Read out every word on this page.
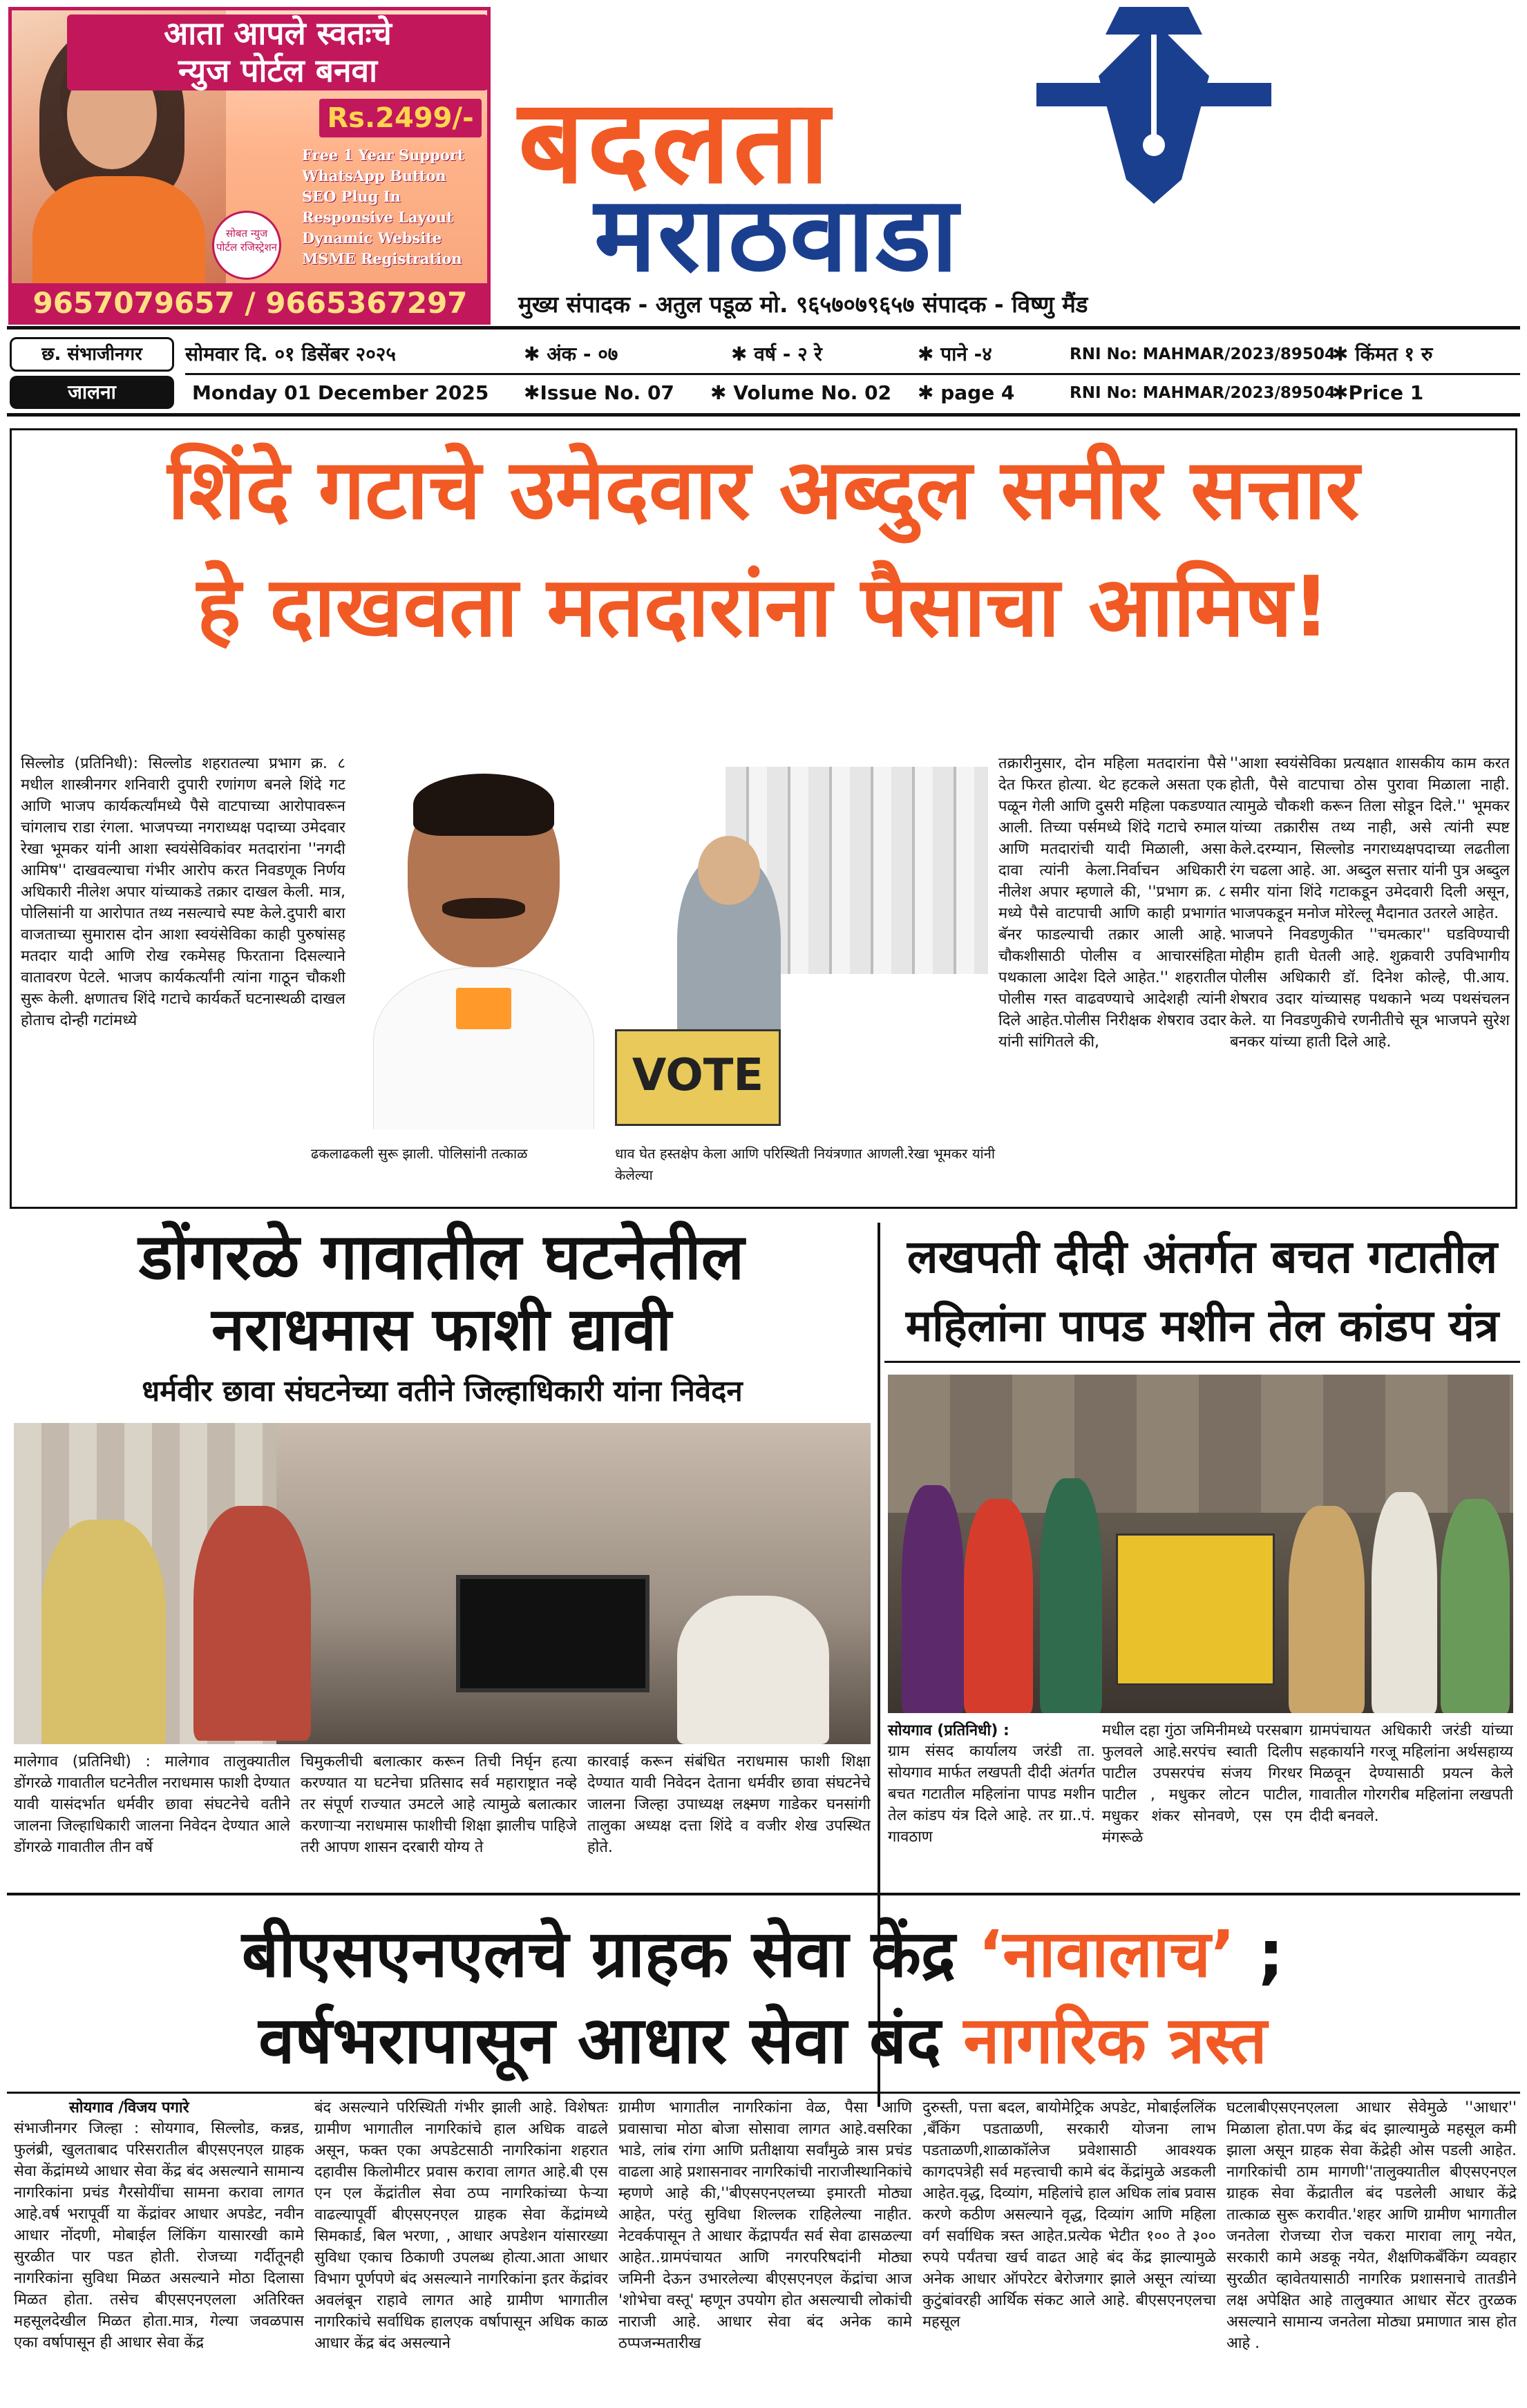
आता आपले स्वतःचे
न्युज पोर्टल बनवा
Rs.2499/-
सोबत न्युज पोर्टल रजिस्ट्रेशन
Free 1 Year Support
WhatsApp Button
SEO Plug In
Responsive Layout
Dynamic Website
MSME Registration
9657079657 / 9665367297
बदलता
मराठवाडा
मुख्य संपादक - अतुल पडूळ मो. ९६५७०७९६५७ संपादक - विष्णु मैंड
छ. संभाजीनगर
जालना
सोमवार दि. ०१ डिसेंबर २०२५	✱ अंक - ०७	✱ वर्ष - २ रे	✱ पाने -४	RNI No: MAHMAR/2023/89504
✱ किंमत १ रु
Monday 01 December 2025 ✱Issue No. 07 ✱ Volume No. 02 ✱ page 4	RNI No: MAHMAR/2023/89504
✱Price 1
शिंदे गटाचे उमेदवार अब्दुल समीर सत्तार
हे दाखवता मतदारांना पैसाचा आमिष!
सिल्लोड (प्रतिनिधी): सिल्लोड शहरातल्या प्रभाग क्र. ८ मधील शास्त्रीनगर शनिवारी दुपारी रणांगण बनले शिंदे गट आणि भाजप कार्यकर्त्यांमध्ये पैसे वाटपाच्या आरोपावरून चांगलाच राडा रंगला. भाजपच्या नगराध्यक्ष पदाच्या उमेदवार रेखा भूमकर यांनी आशा स्वयंसेविकांवर मतदारांना ''नगदी आमिष'' दाखवल्याचा गंभीर आरोप करत निवडणूक निर्णय अधिकारी नीलेश अपार यांच्याकडे तक्रार दाखल केली. मात्र, पोलिसांनी या आरोपात तथ्य नसल्याचे स्पष्ट केले.दुपारी बारा वाजताच्या सुमारास दोन आशा स्वयंसेविका काही पुरुषांसह मतदार यादी आणि रोख रकमेसह फिरताना दिसल्याने वातावरण पेटले. भाजप कार्यकर्त्यांनी त्यांना गाठून चौकशी सुरू केली. क्षणातच शिंदे गटाचे कार्यकर्ते घटनास्थळी दाखल होताच दोन्ही गटांमध्ये
ढकलाढकली सुरू झाली. पोलिसांनी तत्काळ
VOTE
धाव घेत हस्तक्षेप केला आणि परिस्थिती नियंत्रणात आणली.रेखा भूमकर यांनी केलेल्या
तक्रारीनुसार, दोन महिला मतदारांना पैसे देत फिरत होत्या. थेट हटकले असता एक पळून गेली आणि दुसरी महिला पकडण्यात आली. तिच्या पर्समध्ये शिंदे गटाचे रुमाल आणि मतदारांची यादी मिळाली, असा दावा त्यांनी केला.निर्वाचन अधिकारी नीलेश अपार म्हणाले की, ''प्रभाग क्र. ८ मध्ये पैसे वाटपाची आणि काही प्रभागांत बॅनर फाडल्याची तक्रार आली आहे. चौकशीसाठी पोलीस व आचारसंहिता पथकाला आदेश दिले आहेत.'' शहरातील पोलीस गस्त वाढवण्याचे आदेशही त्यांनी दिले आहेत.पोलीस निरीक्षक शेषराव उदार यांनी सांगितले की,
''आशा स्वयंसेविका प्रत्यक्षात शासकीय काम करत होती, पैसे वाटपाचा ठोस पुरावा मिळाला नाही. त्यामुळे चौकशी करून तिला सोडून दिले.'' भूमकर यांच्या तक्रारीस तथ्य नाही, असे त्यांनी स्पष्ट केले.दरम्यान, सिल्लोड नगराध्यक्षपदाच्या लढतीला रंग चढला आहे. आ. अब्दुल सत्तार यांनी पुत्र अब्दुल समीर यांना शिंदे गटाकडून उमेदवारी दिली असून, भाजपकडून मनोज मोरेल्लू मैदानात उतरले आहेत.
भाजपने निवडणुकीत ''चमत्कार'' घडविण्याची मोहीम हाती घेतली आहे. शुक्रवारी उपविभागीय पोलीस अधिकारी डॉ. दिनेश कोल्हे, पी.आय. शेषराव उदार यांच्यासह पथकाने भव्य पथसंचलन केले. या निवडणुकीचे रणनीतीचे सूत्र भाजपने सुरेश बनकर यांच्या हाती दिले आहे.
डोंगरळे गावातील घटनेतील
नराधमास फाशी द्यावी
धर्मवीर छावा संघटनेच्या वतीने जिल्हाधिकारी यांना निवेदन
मालेगाव (प्रतिनिधी) : मालेगाव तालुक्यातील डोंगरळे गावातील घटनेतील नराधमास फाशी देण्यात यावी यासंदर्भात धर्मवीर छावा संघटनेचे वतीने जालना जिल्हाधिकारी जालना निवेदन देण्यात आले डोंगरळे गावातील तीन वर्षे
चिमुकलीची बलात्कार करून तिची निर्घृन हत्या करण्यात या घटनेचा प्रतिसाद सर्व महाराष्ट्रात नव्हे तर संपूर्ण राज्यात उमटले आहे त्यामुळे बलात्कार करणाऱ्या नराधमास फाशीची शिक्षा झालीच पाहिजे तरी आपण शासन दरबारी योग्य ते
कारवाई करून संबंधित नराधमास फाशी शिक्षा देण्यात यावी निवेदन देताना धर्मवीर छावा संघटनेचे जालना जिल्हा उपाध्यक्ष लक्ष्मण गाडेकर घनसांगी तालुका अध्यक्ष दत्ता शिंदे व वजीर शेख उपस्थित होते.
लखपती दीदी अंतर्गत बचत गटातील
महिलांना पापड मशीन तेल कांडप यंत्र
सोयगाव (प्रतिनिधी) :
ग्राम संसद कार्यालय जरंडी ता. सोयगाव मार्फत लखपती दीदी अंतर्गत बचत गटातील महिलांना पापड मशीन तेल कांडप यंत्र दिले आहे. तर ग्रा..पं. गावठाण
मधील दहा गुंठा जमिनीमध्ये परसबाग फुलवले आहे.सरपंच स्वाती दिलीप पाटील उपसरपंच संजय गिरधर पाटील , मधुकर लोटन पाटील, मधुकर शंकर सोनवणे, एस एम मंगरूळे
ग्रामपंचायत अधिकारी जरंडी यांच्या सहकार्याने गरजू महिलांना अर्थसहाय्य मिळवून देण्यासाठी प्रयत्न केले गावातील गोरगरीब महिलांना लखपती दीदी बनवले.
बीएसएनएलचे ग्राहक सेवा केंद्र ‘नावालाच’ ;
वर्षभरापासून आधार सेवा बंद नागरिक त्रस्त
सोयगाव /विजय पगारे
संभाजीनगर जिल्हा : सोयगाव, सिल्लोड, कन्नड, फुलंब्री, खुलताबाद परिसरातील बीएसएनएल ग्राहक सेवा केंद्रांमध्ये आधार सेवा केंद्र बंद असल्याने सामान्य नागरिकांना प्रचंड गैरसोयींचा सामना करावा लागत आहे.वर्ष भरापूर्वी या केंद्रांवर आधार अपडेट, नवीन आधार नोंदणी, मोबाईल लिंकिंग यासारखी कामे सुरळीत पार पडत होती. रोजच्या गर्दीतूनही नागरिकांना सुविधा मिळत असल्याने मोठा दिलासा मिळत होता. तसेच बीएसएनएलला अतिरिक्त महसूलदेखील मिळत होता.मात्र, गेल्या जवळपास एका वर्षापासून ही आधार सेवा केंद्र
बंद असल्याने परिस्थिती गंभीर झाली आहे. विशेषतः ग्रामीण भागातील नागरिकांचे हाल अधिक वाढले असून, फक्त एका अपडेटसाठी नागरिकांना शहरात दहावीस किलोमीटर प्रवास करावा लागत आहे.बी एस एन एल केंद्रांतील सेवा ठप्प नागरिकांच्या फेऱ्या वाढल्यापूर्वी बीएसएनएल ग्राहक सेवा केंद्रांमध्ये सिमकार्ड, बिल भरणा, , आधार अपडेशन यांसारख्या सुविधा एकाच ठिकाणी उपलब्ध होत्या.आता आधार विभाग पूर्णपणे बंद असल्याने नागरिकांना इतर केंद्रांवर अवलंबून राहावे लागत आहे ग्रामीण भागातील नागरिकांचे सर्वाधिक हालएक वर्षापासून अधिक काळ आधार केंद्र बंद असल्याने
ग्रामीण भागातील नागरिकांना वेळ, पैसा आणि प्रवासाचा मोठा बोजा सोसावा लागत आहे.वसरिका भाडे, लांब रांगा आणि प्रतीक्षाया सर्वांमुळे त्रास प्रचंड वाढला आहे प्रशासनावर नागरिकांची नाराजीस्थानिकांचे म्हणणे आहे की,''बीएसएनएलच्या इमारती मोठ्या आहेत, परंतु सुविधा शिल्लक राहिलेल्या नाहीत. नेटवर्कपासून ते आधार केंद्रापर्यंत सर्व सेवा ढासळल्या आहेत..ग्रामपंचायत आणि नगरपरिषदांनी मोठ्या जमिनी देऊन उभारलेल्या बीएसएनएल केंद्रांचा आज 'शोभेचा वस्तू' म्हणून उपयोग होत असल्याची लोकांची नाराजी आहे. आधार सेवा बंद अनेक कामे ठप्पजन्मतारीख
दुरुस्ती, पत्ता बदल, बायोमेट्रिक अपडेट, मोबाईललिंक ,बँकिंग पडताळणी, सरकारी योजना लाभ पडताळणी,शाळाकॉलेज प्रवेशासाठी आवश्यक कागदपत्रेही सर्व महत्त्वाची कामे बंद केंद्रांमुळे अडकली आहेत.वृद्ध, दिव्यांग, महिलांचे हाल अधिक लांब प्रवास करणे कठीण असल्याने वृद्ध, दिव्यांग आणि महिला वर्ग सर्वाधिक त्रस्त आहेत.प्रत्येक भेटीत १०० ते ३०० रुपये पर्यंतचा खर्च वाढत आहे बंद केंद्र झाल्यामुळे अनेक आधार ऑपरेटर बेरोजगार झाले असून त्यांच्या कुटुंबांवरही आर्थिक संकट आले आहे. बीएसएनएलचा महसूल
घटलाबीएसएनएलला आधार सेवेमुळे ''आधार'' मिळाला होता.पण केंद्र बंद झाल्यामुळे महसूल कमी झाला असून ग्राहक सेवा केंद्रेही ओस पडली आहेत. नागरिकांची ठाम मागणी''तालुक्यातील बीएसएनएल ग्राहक सेवा केंद्रातील बंद पडलेली आधार केंद्रे तात्काळ सुरू करावीत.'शहर आणि ग्रामीण भागातील जनतेला रोजच्या रोज चकरा मारावा लागू नयेत, सरकारी कामे अडकू नयेत, शैक्षणिकबँकिंग व्यवहार सुरळीत व्हावेतयासाठी नागरिक प्रशासनाचे तातडीने लक्ष अपेक्षित आहे तालुक्यात आधार सेंटर तुरळक असल्याने सामान्य जनतेला मोठ्या प्रमाणात त्रास होत आहे .
